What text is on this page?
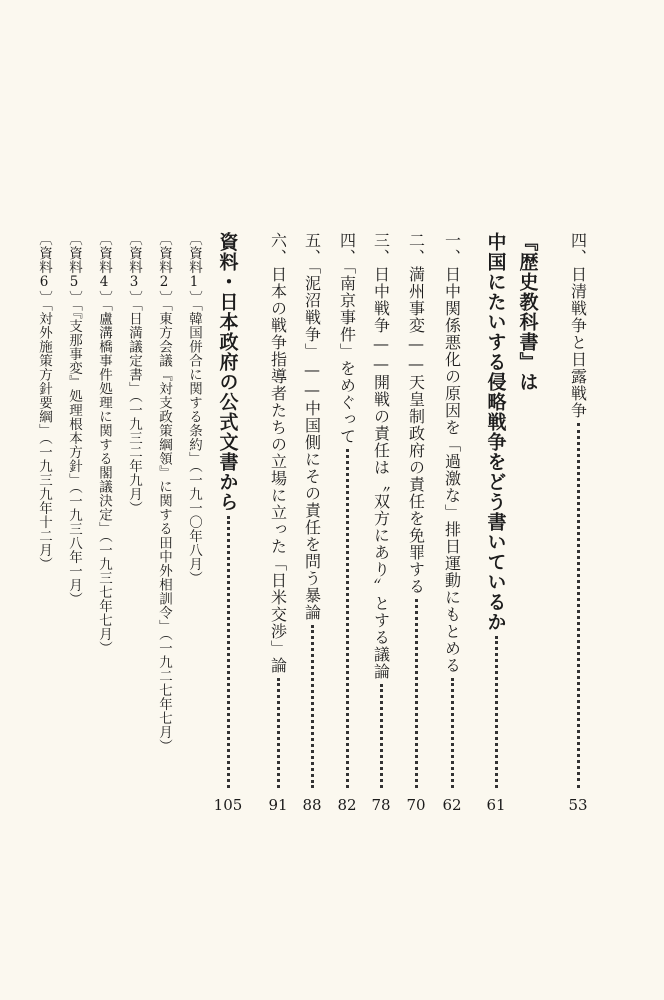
四、日清戦争と日露戦争
53
『歴史教科書』は
中国にたいする侵略戦争をどう書いているか
61
一、日中関係悪化の原因を「過激な」排日運動にもとめる
62
二、満州事変——天皇制政府の責任を免罪する
70
三、日中戦争——開戦の責任は〝双方にあり〟とする議論
78
四、「南京事件」をめぐって
82
五、「泥沼戦争」——中国側にその責任を問う暴論
88
六、日本の戦争指導者たちの立場に立った「日米交渉」論
91
資料・日本政府の公式文書から
105
〔資料1〕「韓国併合に関する条約」（一九一〇年八月）
〔資料2〕「東方会議『対支政策綱領』に関する田中外相訓令」（一九二七年七月）
〔資料3〕「日満議定書」（一九三二年九月）
〔資料4〕「盧溝橋事件処理に関する閣議決定」（一九三七年七月）
〔資料5〕「『支那事変』処理根本方針」（一九三八年一月）
〔資料6〕「対外施策方針要綱」（一九三九年十二月）
